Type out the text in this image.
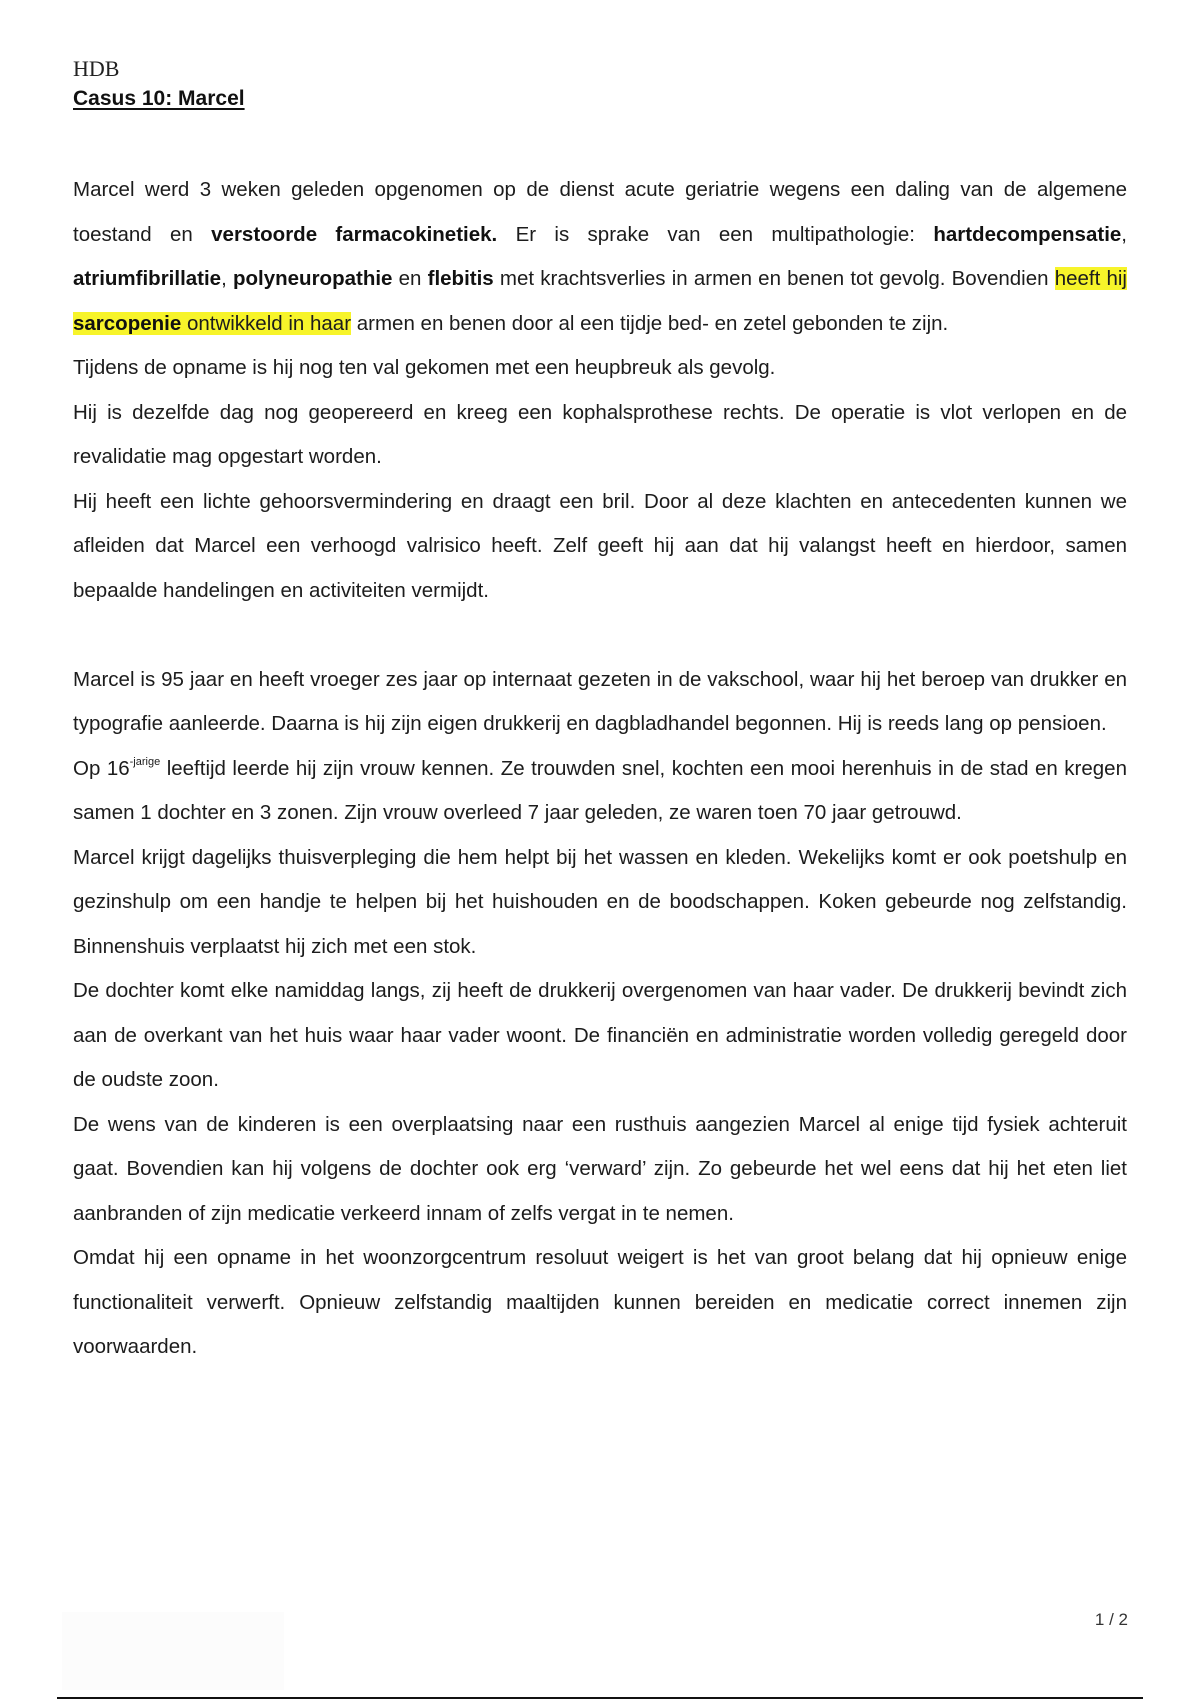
HDB
Casus 10: Marcel

Marcel werd 3 weken geleden opgenomen op de dienst acute geriatrie wegens een daling van de algemene toestand en verstoorde farmacokinetiek. Er is sprake van een multipathologie: hartdecompensatie, atriumfibrillatie, polyneuropathie en flebitis met krachtsverlies in armen en benen tot gevolg. Bovendien heeft hij sarcopenie ontwikkeld in haar armen en benen door al een tijdje bed- en zetel gebonden te zijn.

Tijdens de opname is hij nog ten val gekomen met een heupbreuk als gevolg.

Hij is dezelfde dag nog geopereerd en kreeg een kophalsprothese rechts. De operatie is vlot verlopen en de revalidatie mag opgestart worden.

Hij heeft een lichte gehoorsvermindering en draagt een bril. Door al deze klachten en antecedenten kunnen we afleiden dat Marcel een verhoogd valrisico heeft. Zelf geeft hij aan dat hij valangst heeft en hierdoor, samen bepaalde handelingen en activiteiten vermijdt.

Marcel is 95 jaar en heeft vroeger zes jaar op internaat gezeten in de vakschool, waar hij het beroep van drukker en typografie aanleerde. Daarna is hij zijn eigen drukkerij en dagbladhandel begonnen. Hij is reeds lang op pensioen.

Op $16^{-jarige}$ leeftijd leerde hij zijn vrouw kennen. Ze trouwden snel, kochten een mooi herenhuis in de stad en kregen samen 1 dochter en 3 zonen. Zijn vrouw overleed 7 jaar geleden, ze waren toen 70 jaar getrouwd.

Marcel krijgt dagelijks thuisverpleging die hem helpt bij het wassen en kleden. Wekelijks komt er ook poetshulp en gezinshulp om een handje te helpen bij het huishouden en de boodschappen. Koken gebeurde nog zelfstandig. Binnenshuis verplaatst hij zich met een stok.

De dochter komt elke namiddag langs, zij heeft de drukkerij overgenomen van haar vader. De drukkerij bevindt zich aan de overkant van het huis waar haar vader woont. De financiën en administratie worden volledig geregeld door de oudste zoon.

De wens van de kinderen is een overplaatsing naar een rusthuis aangezien Marcel al enige tijd fysiek achteruit gaat. Bovendien kan hij volgens de dochter ook erg ‘verward’ zijn. Zo gebeurde het wel eens dat hij het eten liet aanbranden of zijn medicatie verkeerd innam of zelfs vergat in te nemen.

Omdat hij een opname in het woonzorgcentrum resoluut weigert is het van groot belang dat hij opnieuw enige functionaliteit verwerft. Opnieuw zelfstandig maaltijden kunnen bereiden en medicatie correct innemen zijn voorwaarden.

1 / 2
